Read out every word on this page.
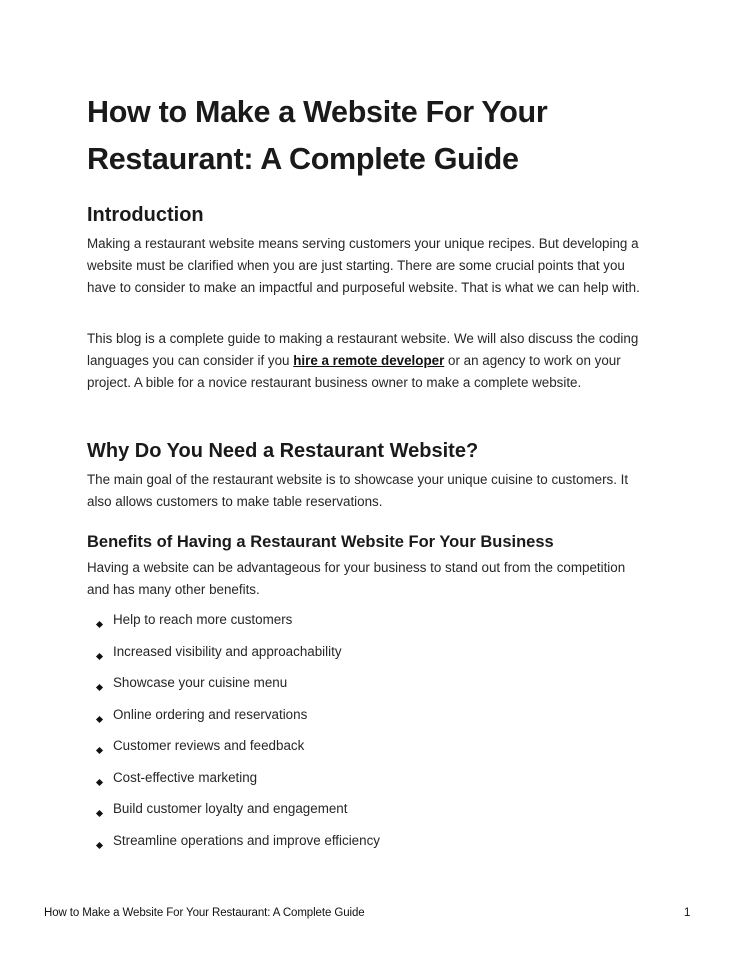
How to Make a Website For Your Restaurant: A Complete Guide
Introduction

Making a restaurant website means serving customers your unique recipes. But developing a website must be clarified when you are just starting. There are some crucial points that you have to consider to make an impactful and purposeful website. That is what we can help with.

This blog is a complete guide to making a restaurant website. We will also discuss the coding languages you can consider if you hire a remote developer or an agency to work on your project. A bible for a novice restaurant business owner to make a complete website.

Why Do You Need a Restaurant Website?

The main goal of the restaurant website is to showcase your unique cuisine to customers. It also allows customers to make table reservations.

Benefits of Having a Restaurant Website For Your Business

Having a website can be advantageous for your business to stand out from the competition and has many other benefits.

Help to reach more customers
Increased visibility and approachability
Showcase your cuisine menu
Online ordering and reservations
Customer reviews and feedback
Cost-effective marketing
Build customer loyalty and engagement
Streamline operations and improve efficiency
How to Make a Website For Your Restaurant: A Complete Guide	1
